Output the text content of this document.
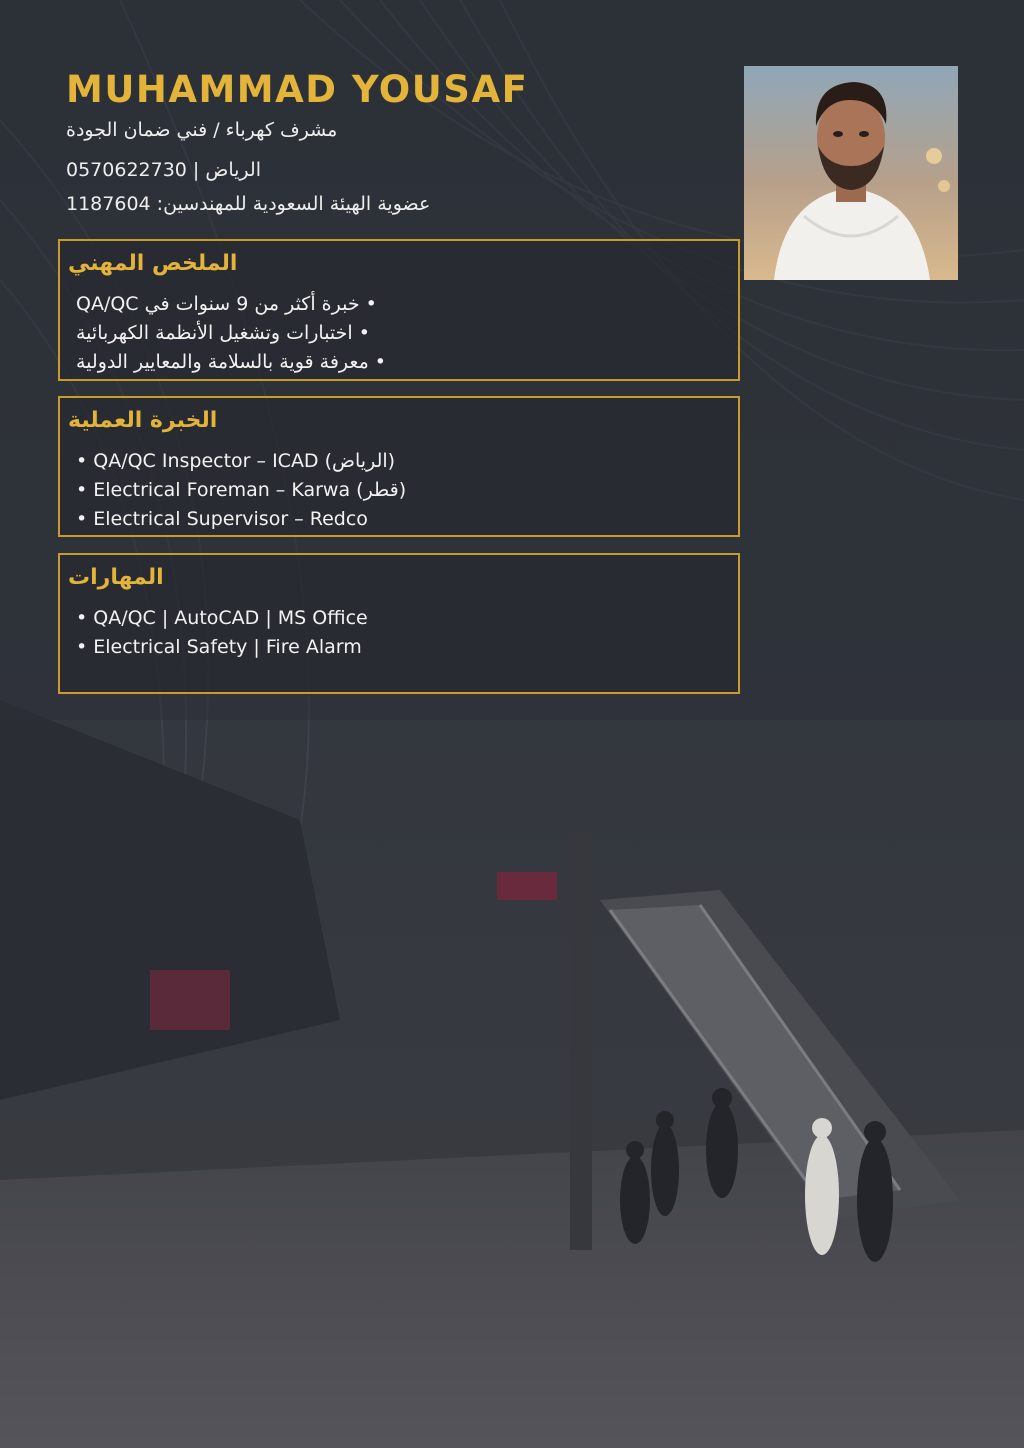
MUHAMMAD YOUSAF
مشرف كهرباء / فني ضمان الجودة
الرياض | 0570622730
عضوية الهيئة السعودية للمهندسين: 1187604
الملخص المهني
QA/QC خبرة أكثر من 9 سنوات في •
اختبارات وتشغيل الأنظمة الكهربائية •
معرفة قوية بالسلامة والمعايير الدولية •
الخبرة العملية
• QA/QC Inspector – ICAD (الرياض)
• Electrical Foreman – Karwa (قطر)
• Electrical Supervisor – Redco
المهارات
• QA/QC | AutoCAD | MS Office
• Electrical Safety | Fire Alarm
